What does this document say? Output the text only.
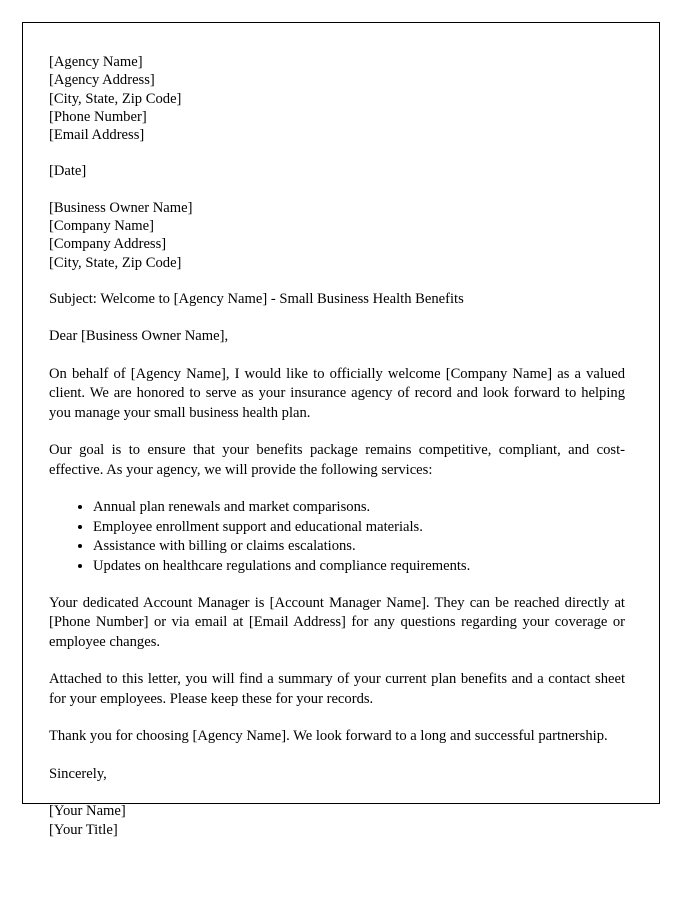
[Agency Name]
[Agency Address]
[City, State, Zip Code]
[Phone Number]
[Email Address]
[Date]
[Business Owner Name]
[Company Name]
[Company Address]
[City, State, Zip Code]

Subject: Welcome to [Agency Name] - Small Business Health Benefits

Dear [Business Owner Name],

On behalf of [Agency Name], I would like to officially welcome [Company Name] as a valued client. We are honored to serve as your insurance agency of record and look forward to helping you manage your small business health plan.

Our goal is to ensure that your benefits package remains competitive, compliant, and cost-effective. As your agency, we will provide the following services:

• Annual plan renewals and market comparisons.
• Employee enrollment support and educational materials.
• Assistance with billing or claims escalations.
• Updates on healthcare regulations and compliance requirements.

Your dedicated Account Manager is [Account Manager Name]. They can be reached directly at [Phone Number] or via email at [Email Address] for any questions regarding your coverage or employee changes.

Attached to this letter, you will find a summary of your current plan benefits and a contact sheet for your employees. Please keep these for your records.

Thank you for choosing [Agency Name]. We look forward to a long and successful partnership.

Sincerely,

[Your Name]
[Your Title]
